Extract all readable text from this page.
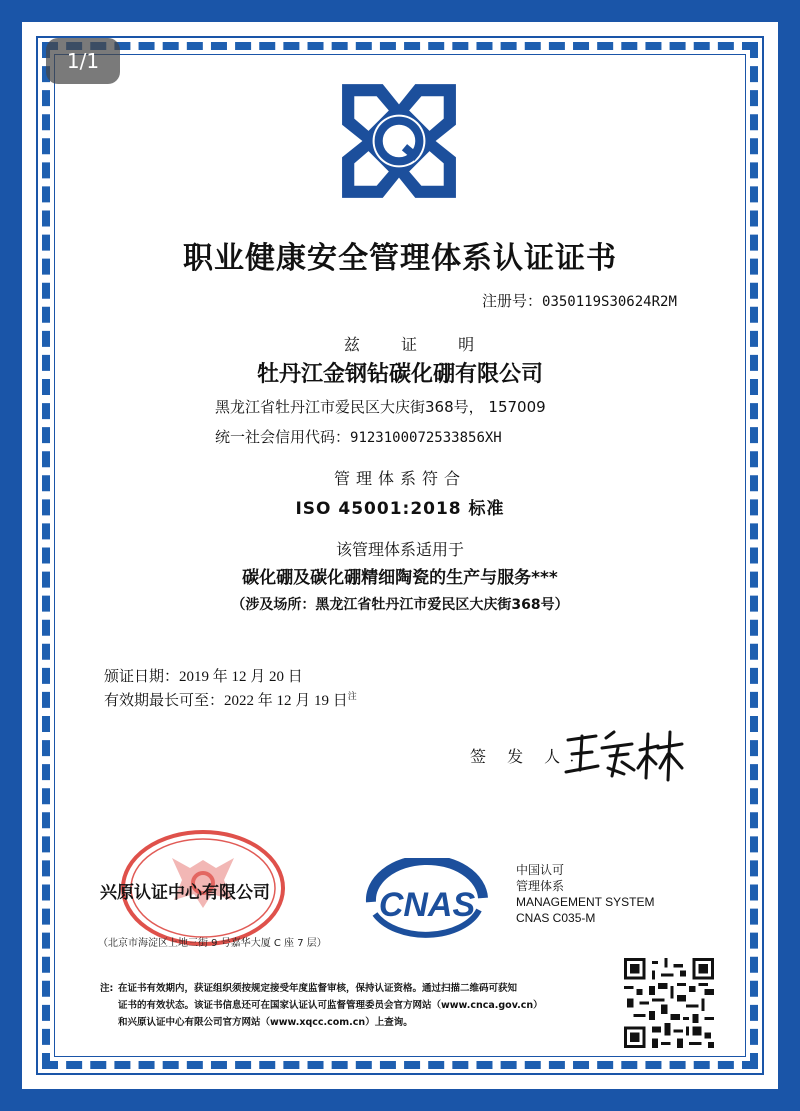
1/1
职业健康安全管理体系认证证书
注册号：0350119S30624R2M
兹 证 明
牡丹江金钢钻碳化硼有限公司
黑龙江省牡丹江市爱民区大庆街368号， 157009
统一社会信用代码：9123100072533856XH
管理体系符合
ISO 45001:2018 标准
该管理体系适用于
碳化硼及碳化硼精细陶瓷的生产与服务***
（涉及场所：黑龙江省牡丹江市爱民区大庆街368号）
颁证日期：2019 年 12 月 20 日
有效期最长可至：2022 年 12 月 19 日$^注$
签 发 人：
兴原认证中心有限公司
（北京市海淀区上地三街 9 号嘉华大厦 C 座 7 层）
CNAS
中国认可
管理体系
MANAGEMENT SYSTEM
CNAS C035-M
注: 在证书有效期内，获证组织须按规定接受年度监督审核，保持认证资格。通过扫描二维码可获知
证书的有效状态。该证书信息还可在国家认证认可监督管理委员会官方网站（www.cnca.gov.cn）
和兴原认证中心有限公司官方网站（www.xqcc.com.cn）上查询。
